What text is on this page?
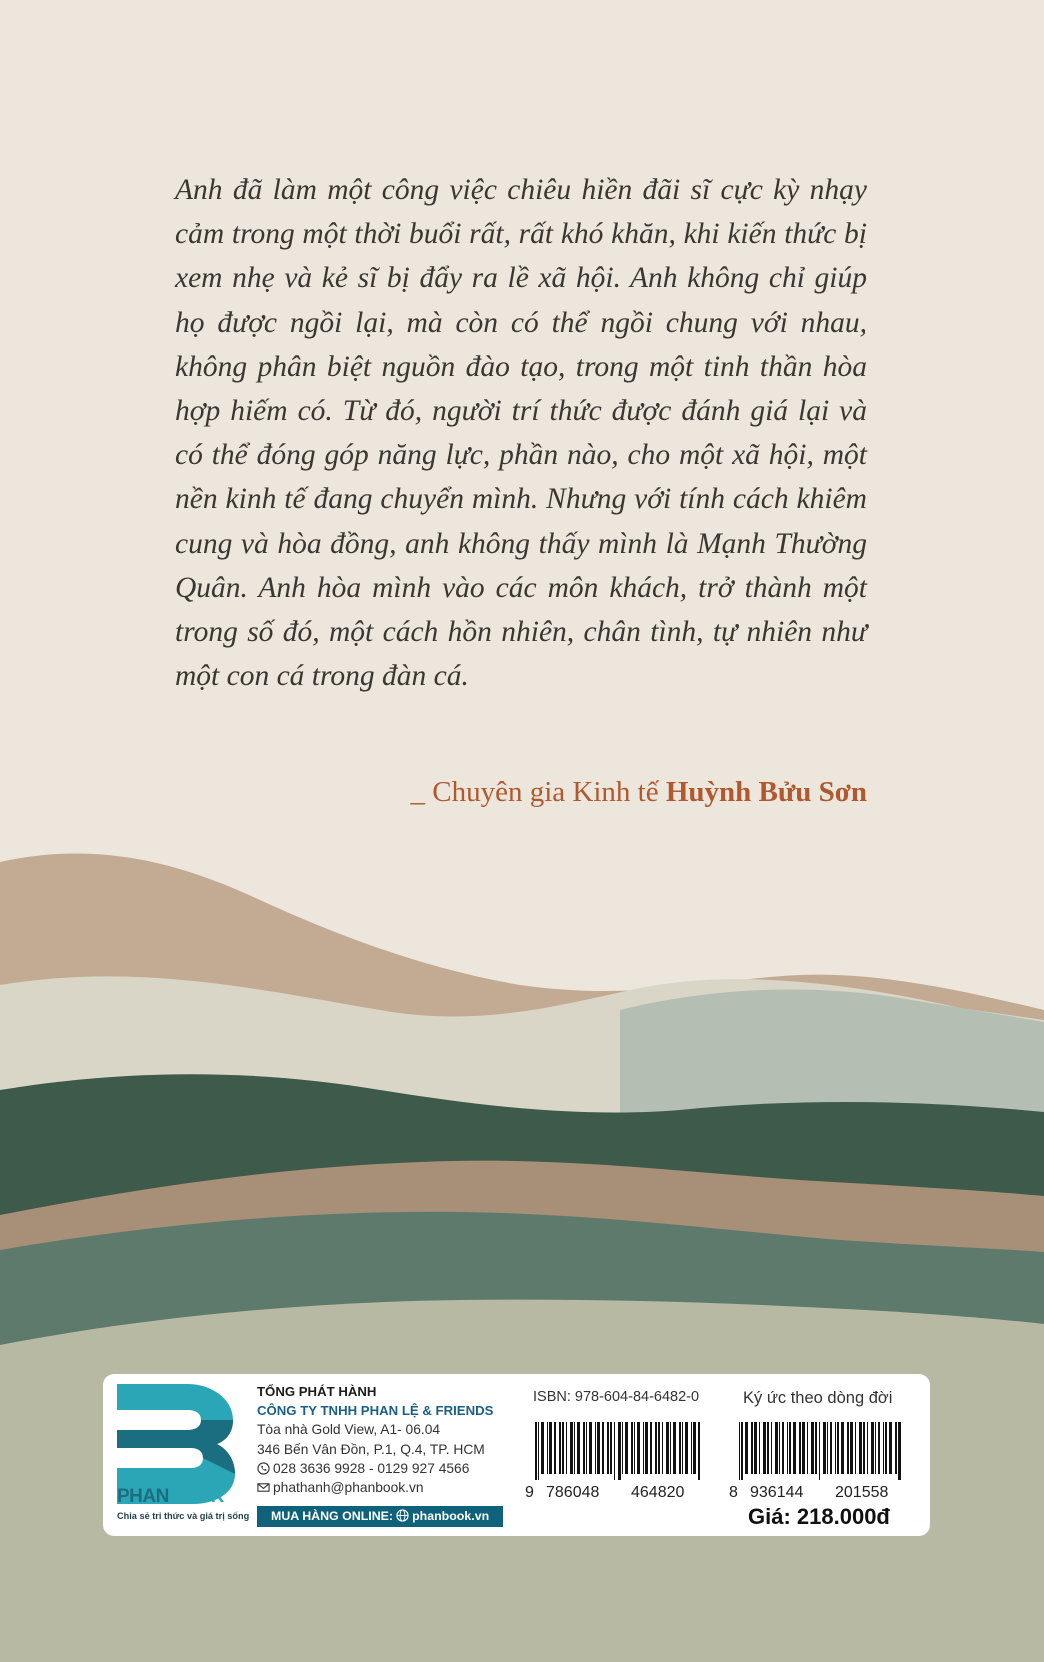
Anh đã làm một công việc chiêu hiền đãi sĩ cực kỳ nhạy cảm trong một thời buổi rất, rất khó khăn, khi kiến thức bị xem nhẹ và kẻ sĩ bị đẩy ra lề xã hội. Anh không chỉ giúp họ được ngồi lại, mà còn có thể ngồi chung với nhau, không phân biệt nguồn đào tạo, trong một tinh thần hòa hợp hiếm có. Từ đó, người trí thức được đánh giá lại và có thể đóng góp năng lực, phần nào, cho một xã hội, một nền kinh tế đang chuyển mình. Nhưng với tính cách khiêm cung và hòa đồng, anh không thấy mình là Mạnh Thường Quân. Anh hòa mình vào các môn khách, trở thành một trong số đó, một cách hồn nhiên, chân tình, tự nhiên như một con cá trong đàn cá.

_ Chuyên gia Kinh tế Huỳnh Bửu Sơn
PHANBOOK
Chia sẻ tri thức và giá trị sống
TỔNG PHÁT HÀNH
CÔNG TY TNHH PHAN LỆ & FRIENDS
Tòa nhà Gold View, A1- 06.04
346 Bến Vân Đồn, P.1, Q.4, TP. HCM
028 3636 9928 - 0129 927 4566
phathanh@phanbook.vn
MUA HÀNG ONLINE: phanbook.vn
ISBN: 978-604-84-6482-0	Ký ức theo dòng đời
9 786048 464820	8 936144 201558
Giá: 218.000đ
